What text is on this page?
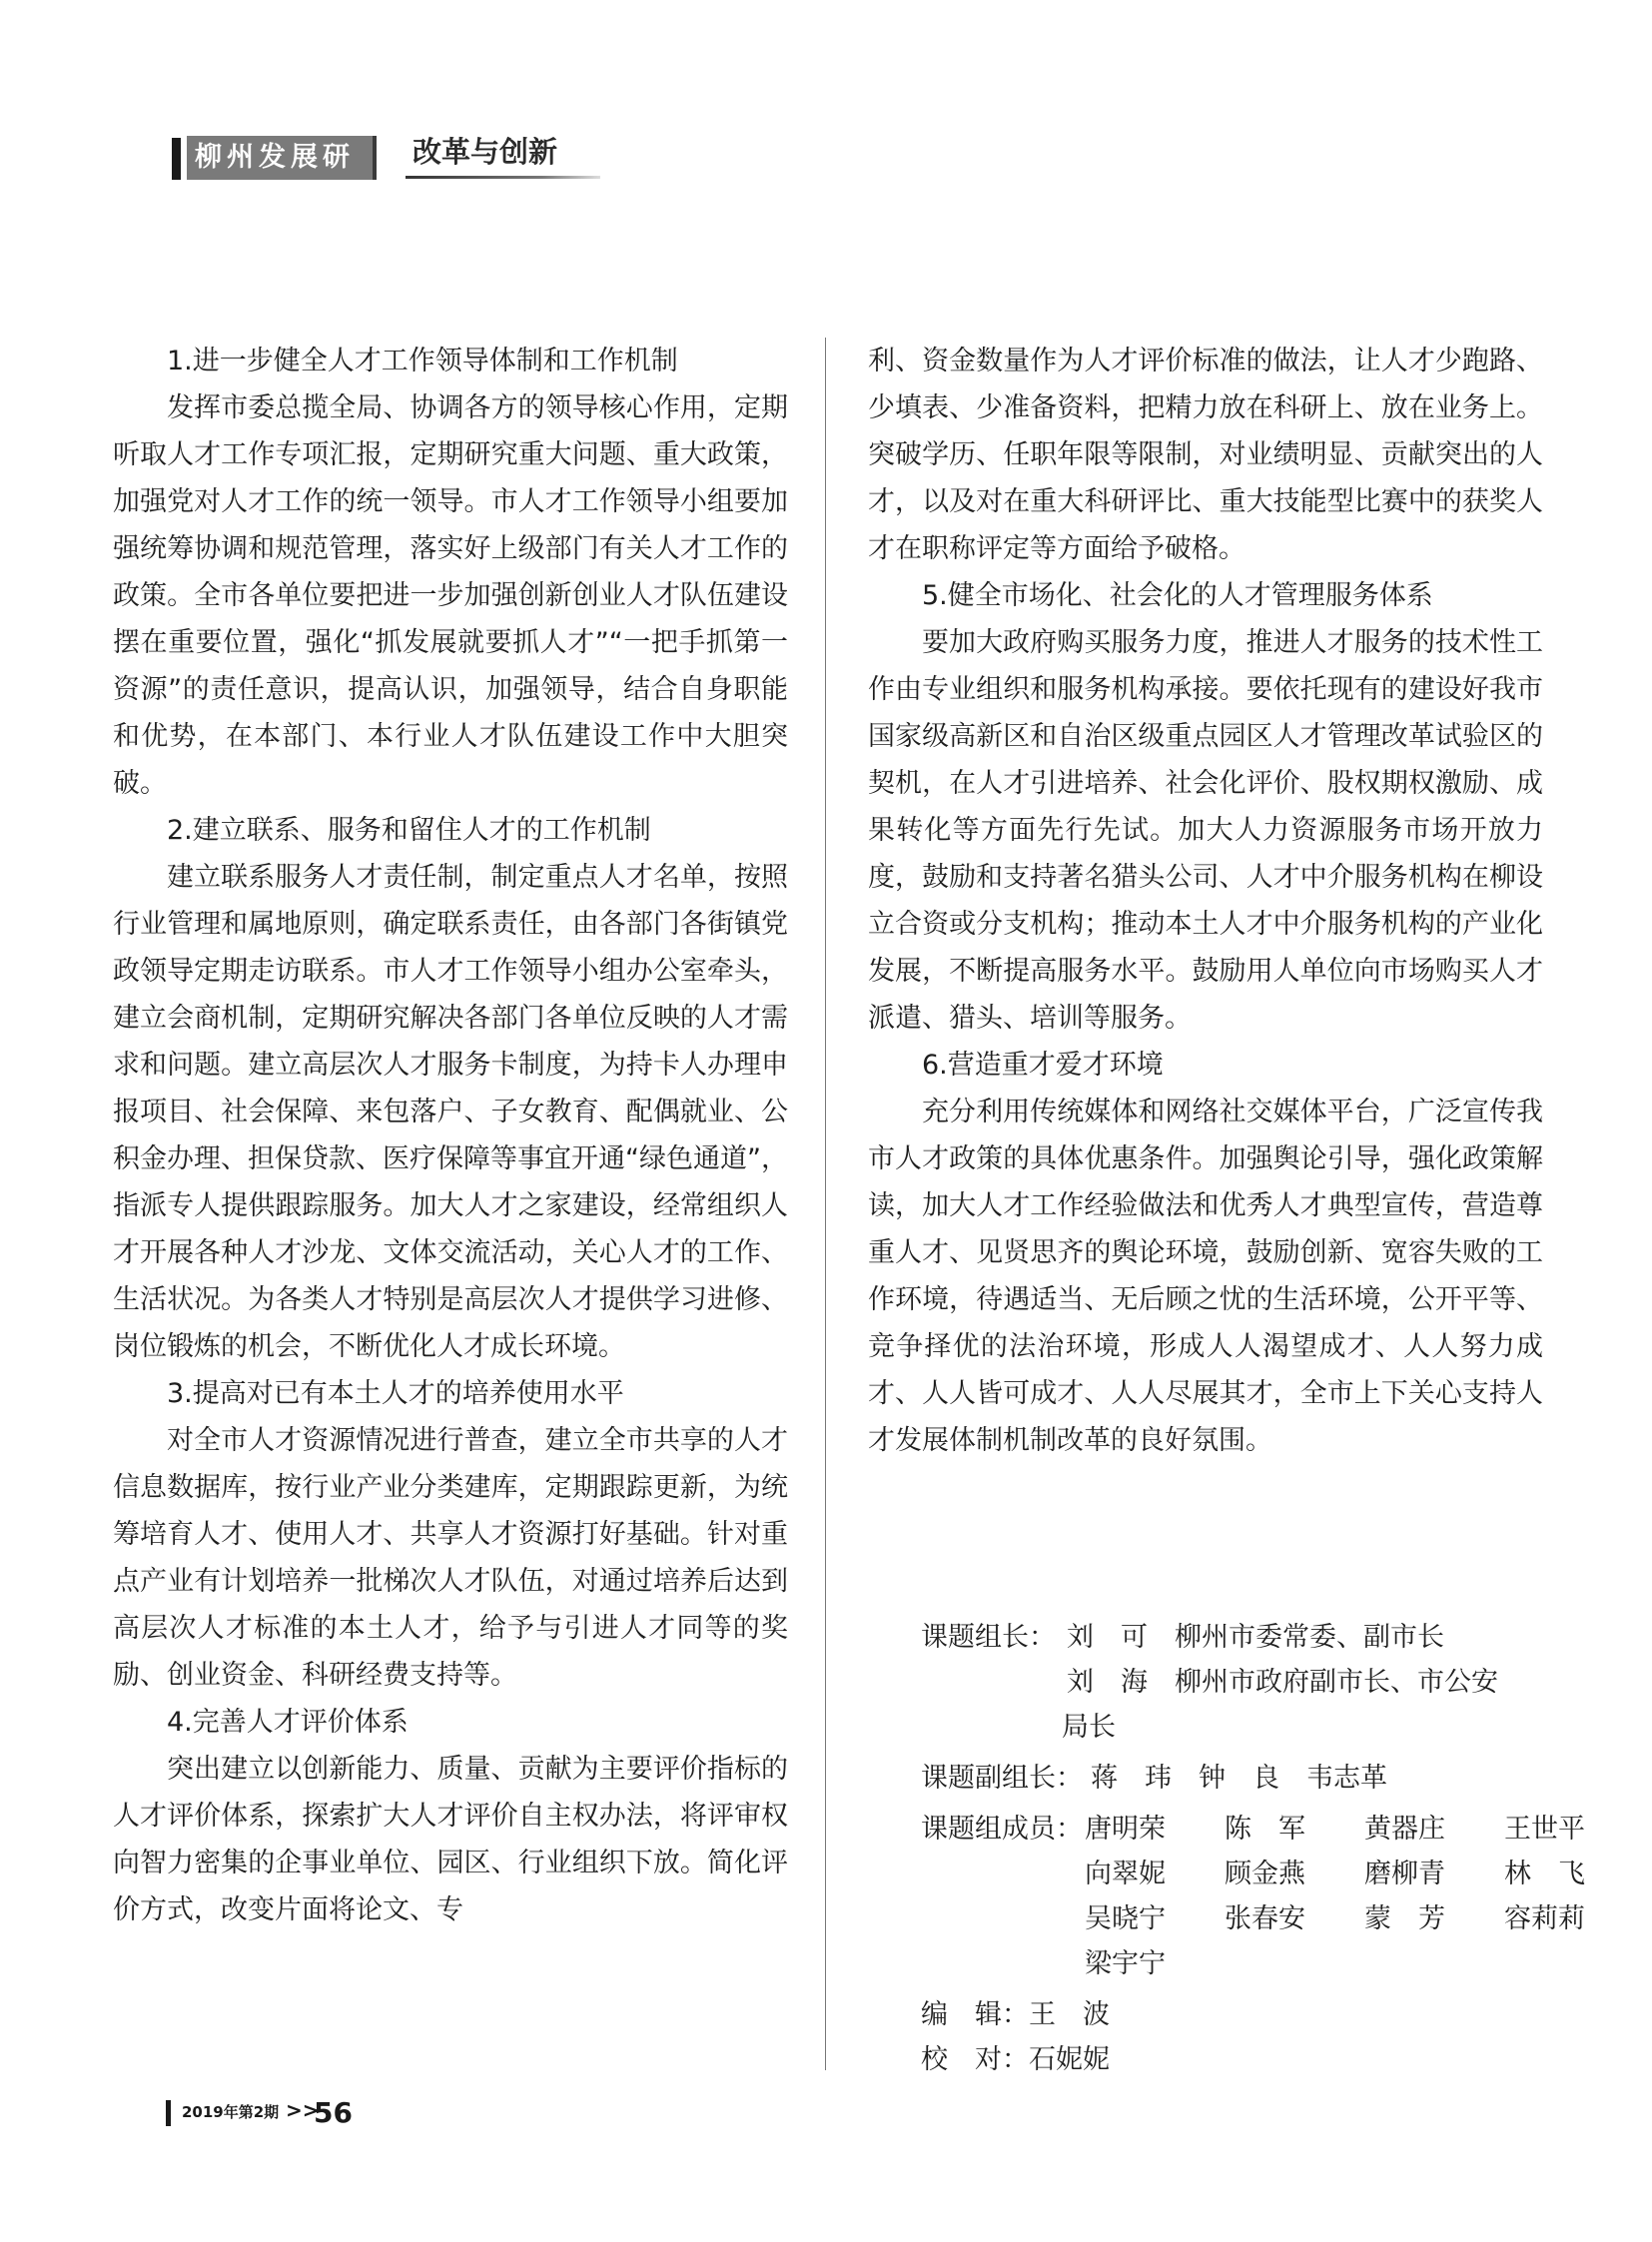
柳州发展研究
改革与创新

1.进一步健全人才工作领导体制和工作机制

发挥市委总揽全局、协调各方的领导核心作用，定期听取人才工作专项汇报，定期研究重大问题、重大政策，加强党对人才工作的统一领导。市人才工作领导小组要加强统筹协调和规范管理，落实好上级部门有关人才工作的政策。全市各单位要把进一步加强创新创业人才队伍建设摆在重要位置，强化“抓发展就要抓人才”“一把手抓第一资源”的责任意识，提高认识，加强领导，结合自身职能和优势，在本部门、本行业人才队伍建设工作中大胆突破。

2.建立联系、服务和留住人才的工作机制

建立联系服务人才责任制，制定重点人才名单，按照行业管理和属地原则，确定联系责任，由各部门各街镇党政领导定期走访联系。市人才工作领导小组办公室牵头，建立会商机制，定期研究解决各部门各单位反映的人才需求和问题。建立高层次人才服务卡制度，为持卡人办理申报项目、社会保障、来包落户、子女教育、配偶就业、公积金办理、担保贷款、医疗保障等事宜开通“绿色通道”，指派专人提供跟踪服务。加大人才之家建设，经常组织人才开展各种人才沙龙、文体交流活动，关心人才的工作、生活状况。为各类人才特别是高层次人才提供学习进修、岗位锻炼的机会，不断优化人才成长环境。

3.提高对已有本土人才的培养使用水平

对全市人才资源情况进行普查，建立全市共享的人才信息数据库，按行业产业分类建库，定期跟踪更新，为统筹培育人才、使用人才、共享人才资源打好基础。针对重点产业有计划培养一批梯次人才队伍，对通过培养后达到高层次人才标准的本土人才，给予与引进人才同等的奖励、创业资金、科研经费支持等。

4.完善人才评价体系

突出建立以创新能力、质量、贡献为主要评价指标的人才评价体系，探索扩大人才评价自主权办法，将评审权向智力密集的企事业单位、园区、行业组织下放。简化评价方式，改变片面将论文、专

利、资金数量作为人才评价标准的做法，让人才少跑路、少填表、少准备资料，把精力放在科研上、放在业务上。突破学历、任职年限等限制，对业绩明显、贡献突出的人才，以及对在重大科研评比、重大技能型比赛中的获奖人才在职称评定等方面给予破格。

5.健全市场化、社会化的人才管理服务体系

要加大政府购买服务力度，推进人才服务的技术性工作由专业组织和服务机构承接。要依托现有的建设好我市国家级高新区和自治区级重点园区人才管理改革试验区的契机，在人才引进培养、社会化评价、股权期权激励、成果转化等方面先行先试。加大人力资源服务市场开放力度，鼓励和支持著名猎头公司、人才中介服务机构在柳设立合资或分支机构；推动本土人才中介服务机构的产业化发展，不断提高服务水平。鼓励用人单位向市场购买人才派遣、猎头、培训等服务。

6.营造重才爱才环境

充分利用传统媒体和网络社交媒体平台，广泛宣传我市人才政策的具体优惠条件。加强舆论引导，强化政策解读，加大人才工作经验做法和优秀人才典型宣传，营造尊重人才、见贤思齐的舆论环境，鼓励创新、宽容失败的工作环境，待遇适当、无后顾之忧的生活环境，公开平等、竞争择优的法治环境，形成人人渴望成才、人人努力成才、人人皆可成才、人人尽展其才，全市上下关心支持人才发展体制机制改革的良好氛围。

课题组长： 刘　可　柳州市委常委、副市长
刘　海　柳州市政府副市长、市公安
局长
课题副组长： 蒋　玮　钟　良　韦志革
课题组成员： 唐明荣 陈　军 黄器庄 王世平
向翠妮 顾金燕 磨柳青 林　飞
吴晓宁 张春安 蒙　芳 容莉莉
梁宇宁
编　辑： 王　波
校　对： 石妮妮
2019年第2期 >>
56
